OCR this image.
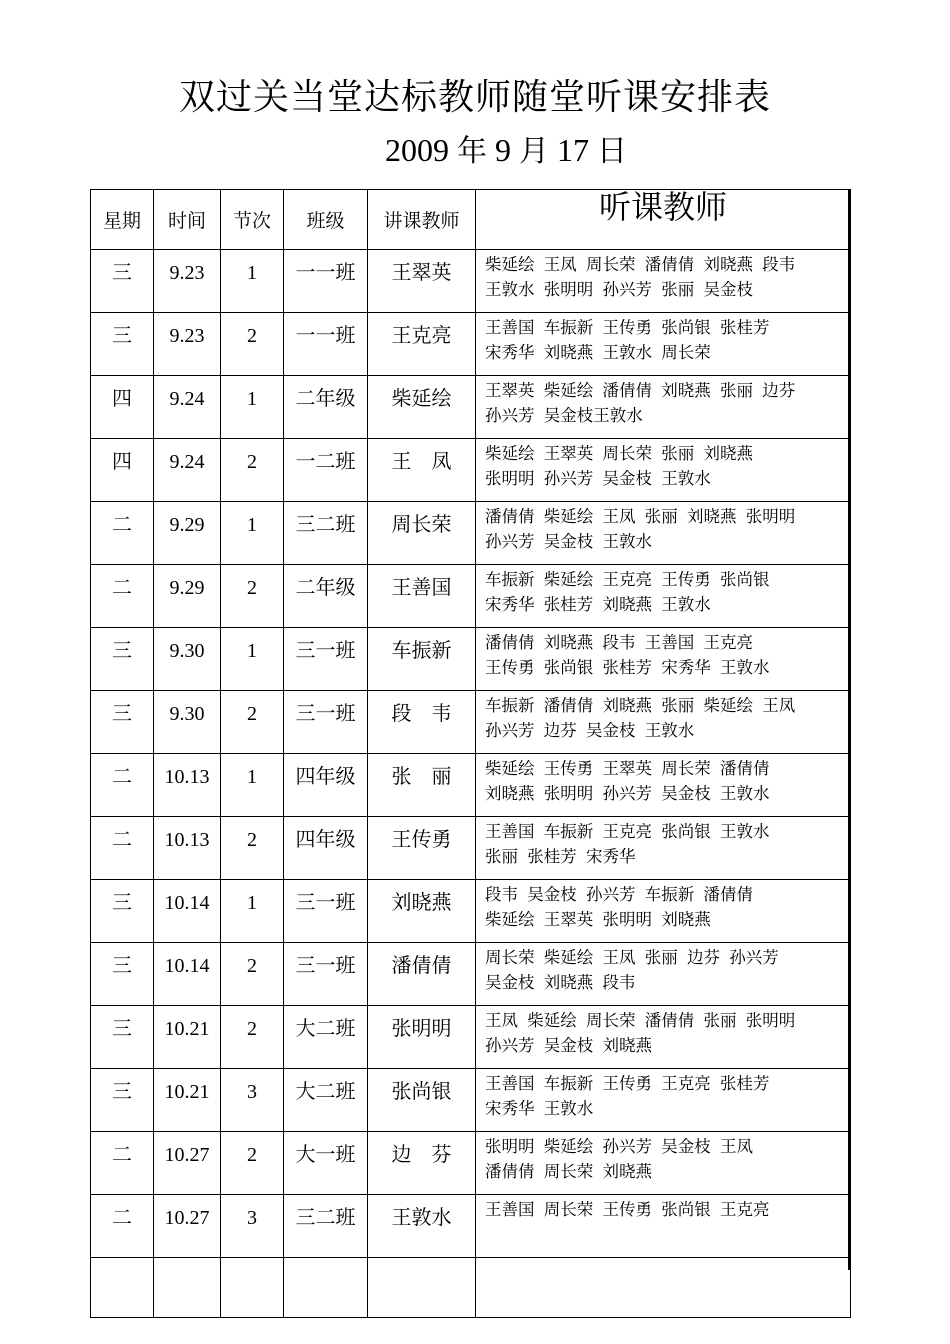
双过关当堂达标教师随堂听课安排表
2009 年 9 月 17 日
星期	时间	节次	班级	讲课教师	听课教师

三	9.23	1	一一班	王翠英	柴延绘 王凤 周长荣 潘倩倩 刘晓燕 段韦
王敦水 张明明 孙兴芳 张丽 吴金枝

三	9.23	2	一一班	王克亮	王善国 车振新 王传勇 张尚银 张桂芳
宋秀华 刘晓燕 王敦水 周长荣

四	9.24	1	二年级	柴延绘	王翠英 柴延绘 潘倩倩 刘晓燕 张丽 边芬
孙兴芳 吴金枝王敦水

四	9.24	2	一二班	王　凤	柴延绘 王翠英 周长荣 张丽 刘晓燕
张明明 孙兴芳 吴金枝 王敦水

二	9.29	1	三二班	周长荣	潘倩倩 柴延绘 王凤 张丽 刘晓燕 张明明
孙兴芳 吴金枝 王敦水

二	9.29	2	二年级	王善国	车振新 柴延绘 王克亮 王传勇 张尚银
宋秀华 张桂芳 刘晓燕 王敦水

三	9.30	1	三一班	车振新	潘倩倩 刘晓燕 段韦 王善国 王克亮
王传勇 张尚银 张桂芳 宋秀华 王敦水

三	9.30	2	三一班	段　韦	车振新 潘倩倩 刘晓燕 张丽 柴延绘 王凤
孙兴芳 边芬 吴金枝 王敦水

二	10.13	1	四年级	张　丽	柴延绘 王传勇 王翠英 周长荣 潘倩倩
刘晓燕 张明明 孙兴芳 吴金枝 王敦水

二	10.13	2	四年级	王传勇	王善国 车振新 王克亮 张尚银 王敦水
张丽 张桂芳 宋秀华

三	10.14	1	三一班	刘晓燕	段韦 吴金枝 孙兴芳 车振新 潘倩倩
柴延绘 王翠英 张明明 刘晓燕

三	10.14	2	三一班	潘倩倩	周长荣 柴延绘 王凤 张丽 边芬 孙兴芳
吴金枝 刘晓燕 段韦

三	10.21	2	大二班	张明明	王凤 柴延绘 周长荣 潘倩倩 张丽 张明明
孙兴芳 吴金枝 刘晓燕

三	10.21	3	大二班	张尚银	王善国 车振新 王传勇 王克亮 张桂芳
宋秀华 王敦水

二	10.27	2	大一班	边　芬	张明明 柴延绘 孙兴芳 吴金枝 王凤
潘倩倩 周长荣 刘晓燕

二	10.27	3	三二班	王敦水	王善国 周长荣 王传勇 张尚银 王克亮
